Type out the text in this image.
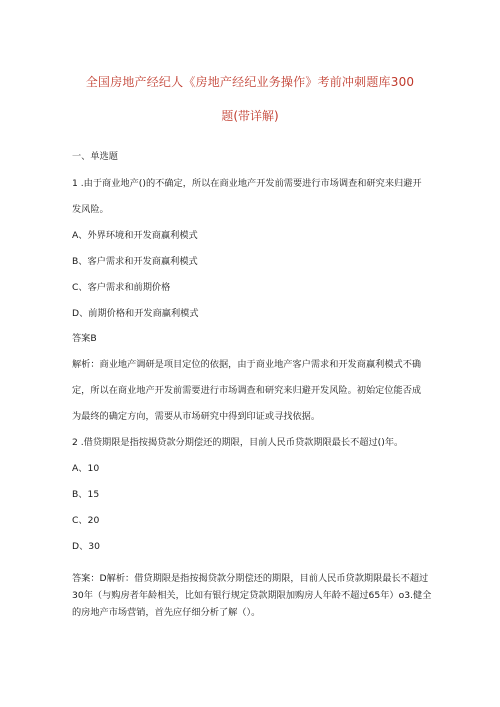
全国房地产经纪人《房地产经纪业务操作》考前冲刺题库300
题(带详解)
一、单选题
1 .由于商业地产()的不确定，所以在商业地产开发前需要进行市场调查和研究来归避开
发风险。
A、外界环境和开发商赢利模式
B、客户需求和开发商赢利模式
C、客户需求和前期价格
D、前期价格和开发商赢利模式
答案B
解析：商业地产调研是项目定位的依据，由于商业地产客户需求和开发商赢利模式不确
定，所以在商业地产开发前需要进行市场调查和研究来归避开发风险。初始定位能否成
为最终的确定方向，需要从市场研究中得到印证或寻找依据。
2 .借贷期限是指按揭贷款分期偿还的期限，目前人民币贷款期限最长不超过()年。
A、10
B、15
C、20
D、30
答案：D解析：借贷期限是指按揭贷款分期偿还的期限，目前人民币贷款期限最长不超过
30年（与购房者年龄相关，比如有银行规定贷款期限加购房人年龄不超过65年）o3.健全
的房地产市场营销，首先应仔细分析了解（）。
